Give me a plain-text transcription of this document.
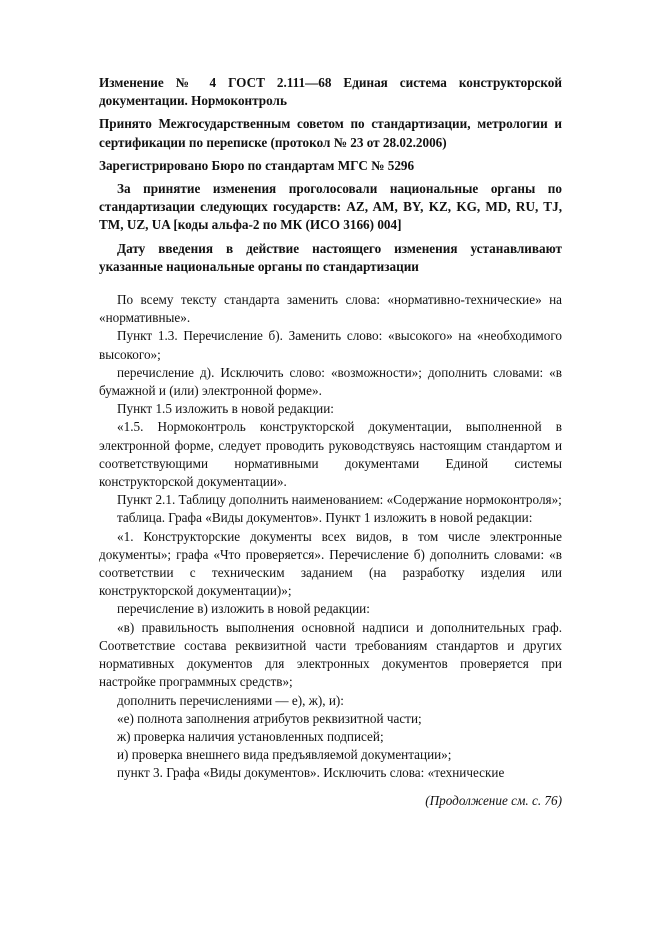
Изменение № 4 ГОСТ 2.111—68 Единая система конструкторской документации. Нормоконтроль

Принято Межгосударственным советом по стандартизации, метрологии и сертификации по переписке (протокол № 23 от 28.02.2006)

Зарегистрировано Бюро по стандартам МГС № 5296

За принятие изменения проголосовали национальные органы по стандартизации следующих государств: AZ, AM, BY, KZ, KG, MD, RU, TJ, TM, UZ, UA [коды альфа-2 по МК (ИСО 3166) 004]

Дату введения в действие настоящего изменения устанавливают указанные национальные органы по стандартизации

По всему тексту стандарта заменить слова: «нормативно-технические» на «нормативные».

Пункт 1.3. Перечисление б). Заменить слово: «высокого» на «необходимого высокого»;

перечисление д). Исключить слово: «возможности»; дополнить словами: «в бумажной и (или) электронной форме».

Пункт 1.5 изложить в новой редакции:

«1.5. Нормоконтроль конструкторской документации, выполненной в электронной форме, следует проводить руководствуясь настоящим стандартом и соответствующими нормативными документами Единой системы конструкторской документации».

Пункт 2.1. Таблицу дополнить наименованием: «Содержание нормоконтроля»;

таблица. Графа «Виды документов». Пункт 1 изложить в новой редакции:

«1. Конструкторские документы всех видов, в том числе электронные документы»; графа «Что проверяется». Перечисление б) дополнить словами: «в соответствии с техническим заданием (на разработку изделия или конструкторской документации)»;

перечисление в) изложить в новой редакции:

«в) правильность выполнения основной надписи и дополнительных граф. Соответствие состава реквизитной части требованиям стандартов и других нормативных документов для электронных документов проверяется при настройке программных средств»;

дополнить перечислениями — е), ж), и):

«е) полнота заполнения атрибутов реквизитной части;

ж) проверка наличия установленных подписей;

и) проверка внешнего вида предъявляемой документации»;

пункт 3. Графа «Виды документов». Исключить слова: «технические

(Продолжение см. с. 76)
